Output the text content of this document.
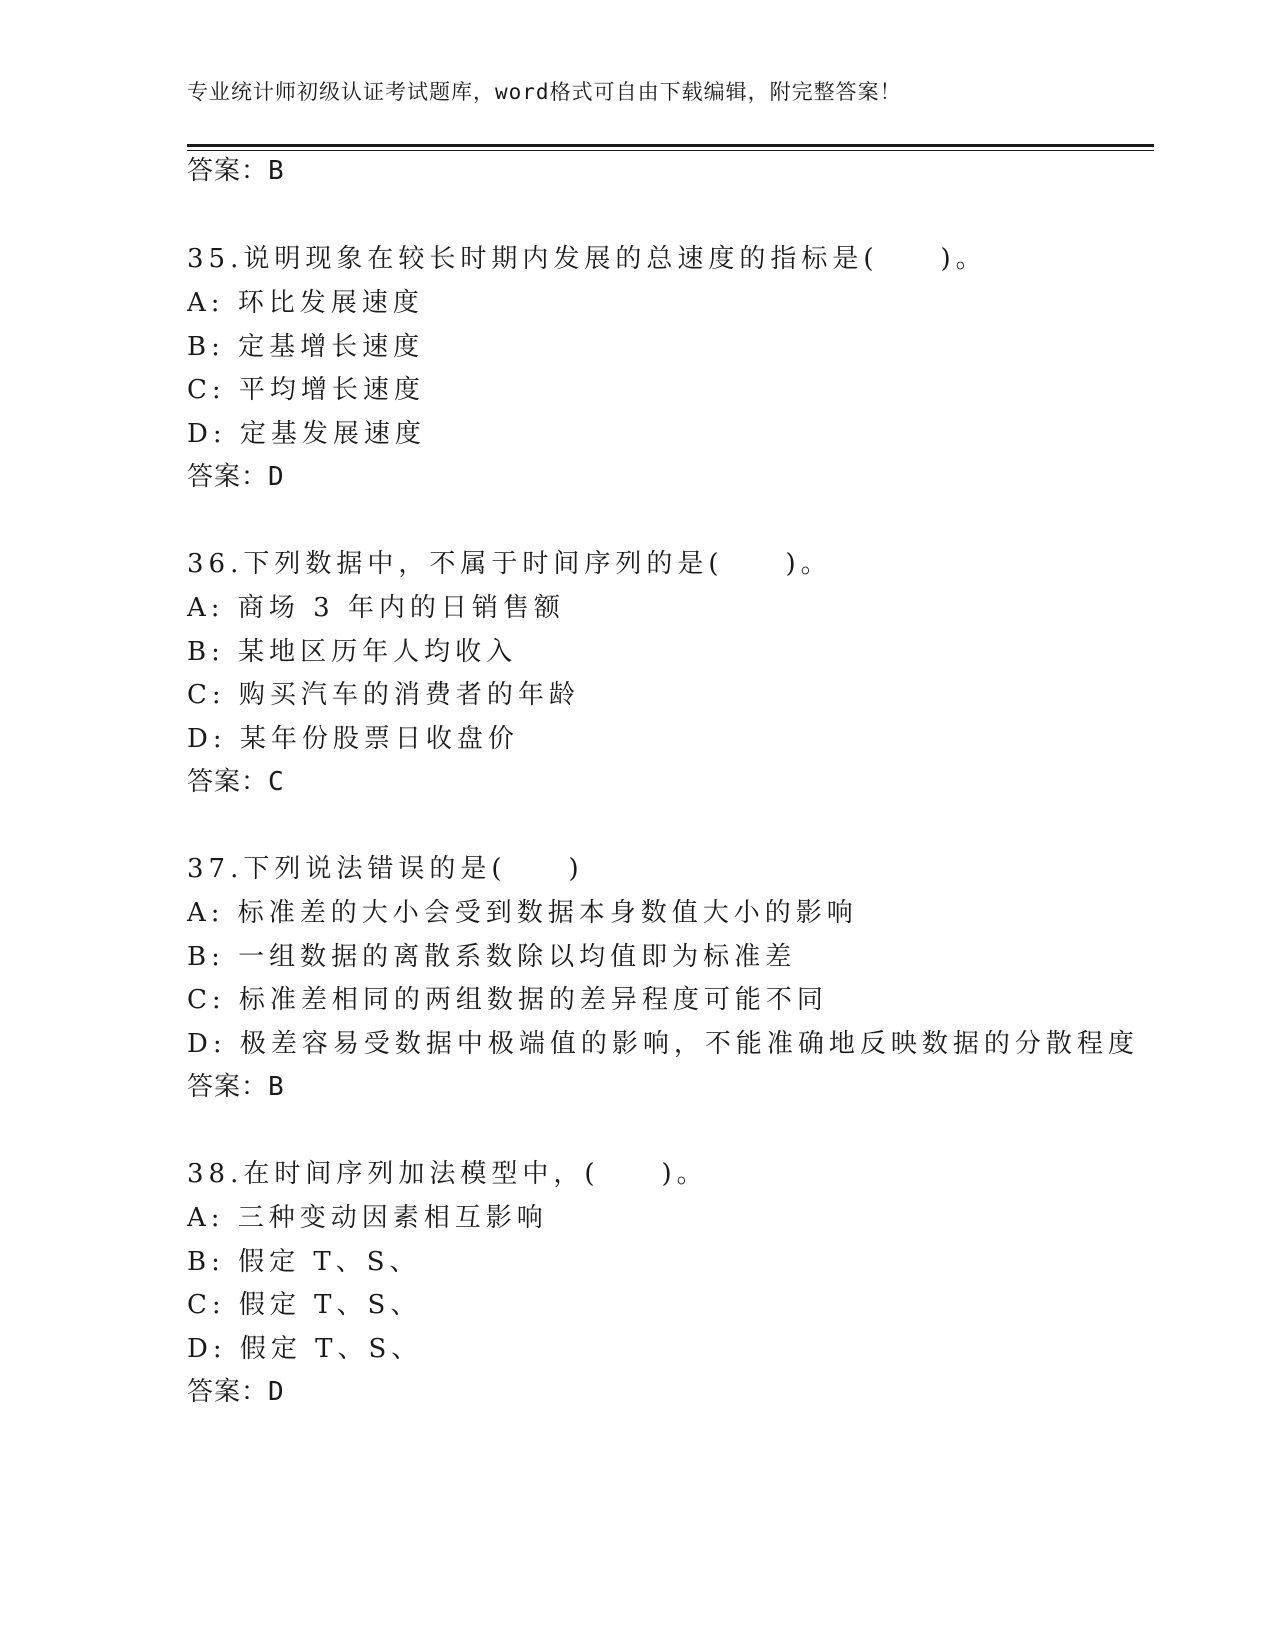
专业统计师初级认证考试题库，word格式可自由下载编辑，附完整答案！
答案：B
35.说明现象在较长时期内发展的总速度的指标是(　　)。
A: 环比发展速度
B: 定基增长速度
C: 平均增长速度
D: 定基发展速度
答案：D
36.下列数据中，不属于时间序列的是(　　)。
A: 商场 3 年内的日销售额
B: 某地区历年人均收入
C: 购买汽车的消费者的年龄
D: 某年份股票日收盘价
答案：C
37.下列说法错误的是(　　)
A: 标准差的大小会受到数据本身数值大小的影响
B: 一组数据的离散系数除以均值即为标准差
C: 标准差相同的两组数据的差异程度可能不同
D: 极差容易受数据中极端值的影响，不能准确地反映数据的分散程度
答案：B
38.在时间序列加法模型中，(　　)。
A: 三种变动因素相互影响
B: 假定 T、S、
C: 假定 T、S、
D: 假定 T、S、
答案：D
